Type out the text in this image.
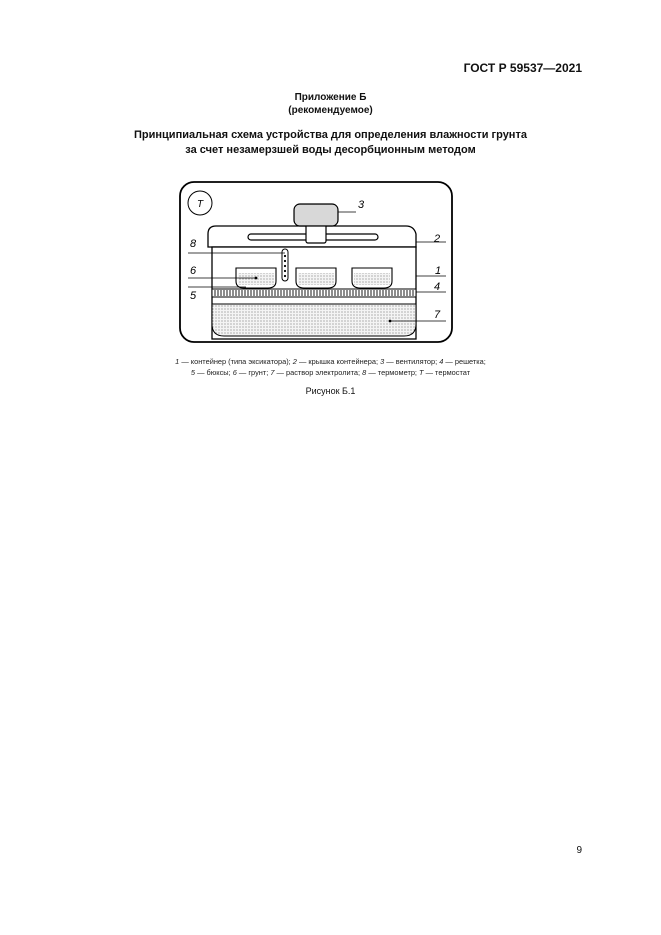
ГОСТ Р 59537—2021
Приложение Б
(рекомендуемое)
Принципиальная схема устройства для определения влажности грунта
за счет незамерзшей воды десорбционным методом
T	3
2
1
4
7
8
6
5
1 — контейнер (типа эксикатора); 2 — крышка контейнера; 3 — вентилятор; 4 — решетка;
5 — бюксы; 6 — грунт; 7 — раствор электролита; 8 — термометр; T — термостат
Рисунок Б.1
9
